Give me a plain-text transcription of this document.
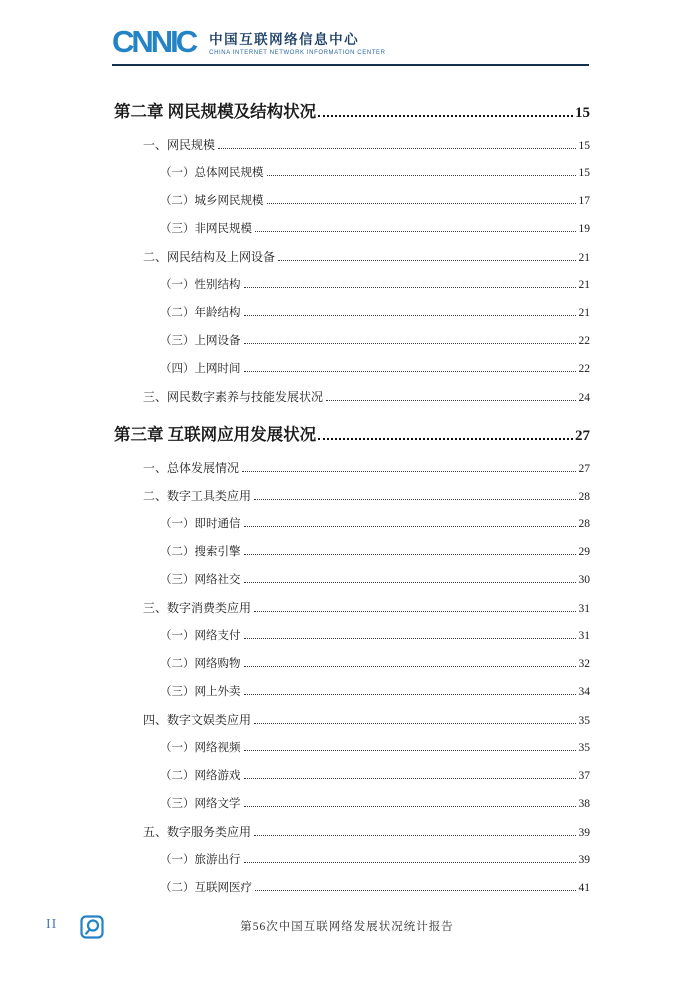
CNNIC 中国互联网络信息中心
CHINA INTERNET NETWORK INFORMATION CENTER
第二章 网民规模及结构状况	15
一、网民规模	15
（一）总体网民规模	15
（二）城乡网民规模	17
（三）非网民规模	19
二、网民结构及上网设备	21
（一）性别结构	21
（二）年龄结构	21
（三）上网设备	22
（四）上网时间	22
三、网民数字素养与技能发展状况	24
第三章 互联网应用发展状况	27
一、总体发展情况	27
二、数字工具类应用	28
（一）即时通信	28
（二）搜索引擎	29
（三）网络社交	30
三、数字消费类应用	31
（一）网络支付	31
（二）网络购物	32
（三）网上外卖	34
四、数字文娱类应用	35
（一）网络视频	35
（二）网络游戏	37
（三）网络文学	38
五、数字服务类应用	39
（一）旅游出行	39
（二）互联网医疗	41
II	第56次中国互联网络发展状况统计报告
